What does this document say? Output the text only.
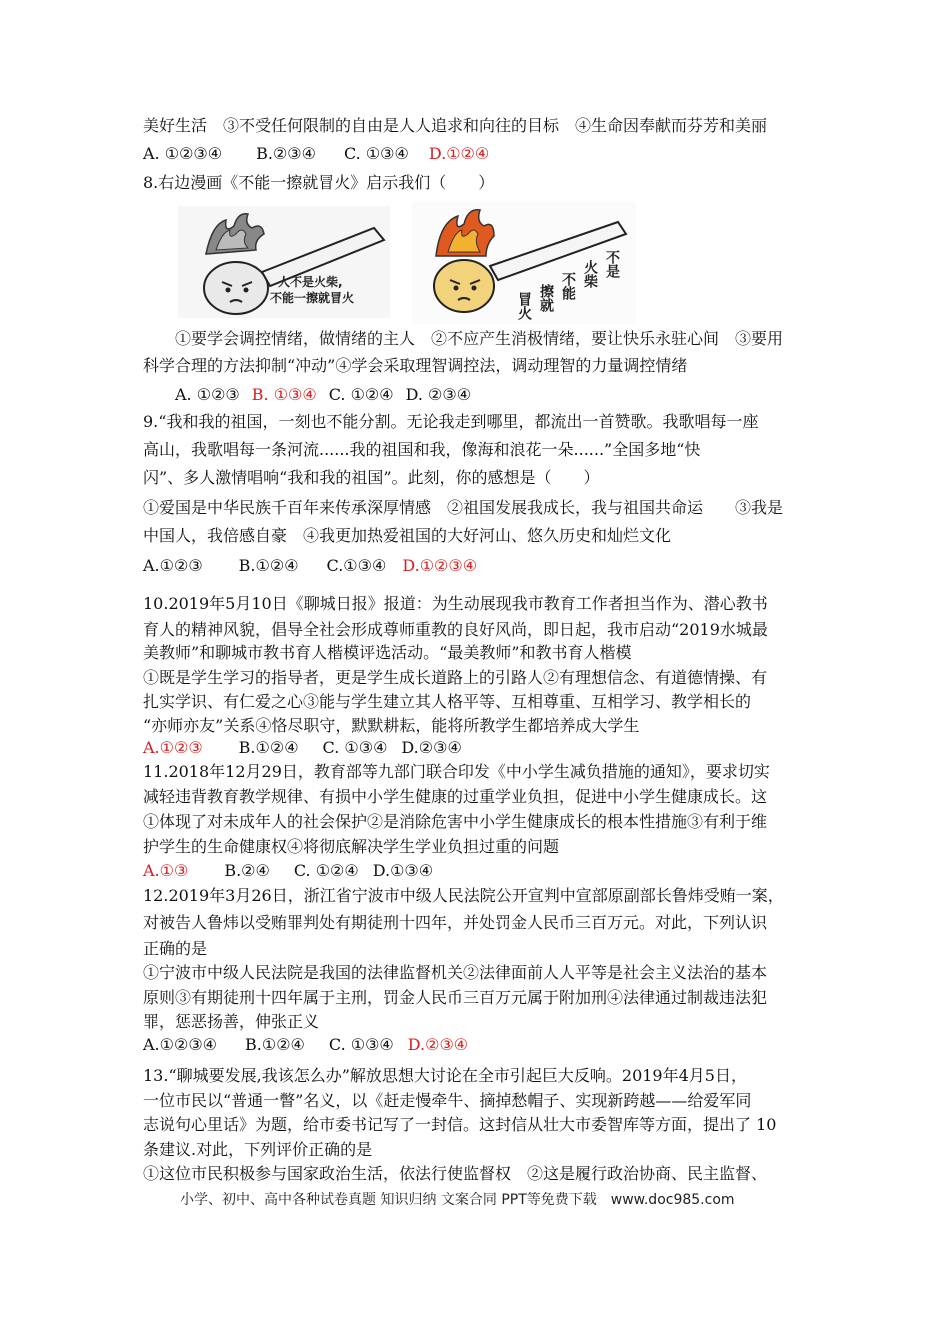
美好生活　③不受任何限制的自由是人人追求和向往的目标　④生命因奉献而芬芳和美丽
A. ①②③④ B.②③④ C. ①③④ D.①②④
8.右边漫画《不能一擦就冒火》启示我们（　　）
人不是火柴,
不能一擦就冒火
不是
火柴
不能
擦就
冒火
　　①要学会调控情绪，做情绪的主人　②不应产生消极情绪，要让快乐永驻心间　③要用
科学合理的方法抑制“冲动”④学会采取理智调控法，调动理智的力量调控情绪
A. ①②③ B. ①③④ C. ①②④ D. ②③④
9.“我和我的祖国，一刻也不能分割。无论我走到哪里，都流出一首赞歌。我歌唱每一座
高山，我歌唱每一条河流......我的祖国和我，像海和浪花一朵......”全国多地“快
闪”、多人激情唱响“我和我的祖国”。此刻，你的感想是（　　）
①爱国是中华民族千百年来传承深厚情感　②祖国发展我成长，我与祖国共命运　　③我是
中国人，我倍感自豪　④我更加热爱祖国的大好河山、悠久历史和灿烂文化
A.①②③ B.①②④ C.①③④ D.①②③④
10.2019年5月10日《聊城日报》报道：为生动展现我市教育工作者担当作为、潜心教书
育人的精神风貌，倡导全社会形成尊师重教的良好风尚，即日起，我市启动“2019水城最
美教师”和聊城市教书育人楷模评选活动。“最美教师”和教书育人楷模
①既是学生学习的指导者，更是学生成长道路上的引路人②有理想信念、有道德情操、有
扎实学识、有仁爱之心③能与学生建立其人格平等、互相尊重、互相学习、教学相长的
“亦师亦友”关系④恪尽职守，默默耕耘，能将所教学生都培养成大学生
A.①②③ B.①②④ C. ①③④ D.②③④
11.2018年12月29日，教育部等九部门联合印发《中小学生减负措施的通知》，要求切实
减轻违背教育教学规律、有损中小学生健康的过重学业负担，促进中小学生健康成长。这
①体现了对未成年人的社会保护②是消除危害中小学生健康成长的根本性措施③有利于维
护学生的生命健康权④将彻底解决学生学业负担过重的问题
A.①③ B.②④ C. ①②④ D.①③④
12.2019年3月26日，浙江省宁波市中级人民法院公开宣判中宣部原副部长鲁炜受贿一案，
对被告人鲁炜以受贿罪判处有期徒刑十四年，并处罚金人民币三百万元。对此，下列认识
正确的是
①宁波市中级人民法院是我国的法律监督机关②法律面前人人平等是社会主义法治的基本
原则③有期徒刑十四年属于主刑，罚金人民币三百万元属于附加刑④法律通过制裁违法犯
罪，惩恶扬善，伸张正义
A.①②③④ B.①②④ C. ①③④ D.②③④
13.“聊城要发展,我该怎么办”解放思想大讨论在全市引起巨大反响。2019年4月5日，
一位市民以“普通一瞥”名义，以《赶走慢牵牛、摘掉愁帽子、实现新跨越——给爱军同
志说句心里话》为题，给市委书记写了一封信。这封信从壮大市委智库等方面，提出了 10
条建议.对此，下列评价正确的是
①这位市民积极参与国家政治生活，依法行使监督权　②这是履行政治协商、民主监督、
小学、初中、高中各种试卷真题 知识归纳 文案合同 PPT等免费下载　www.doc985.com
